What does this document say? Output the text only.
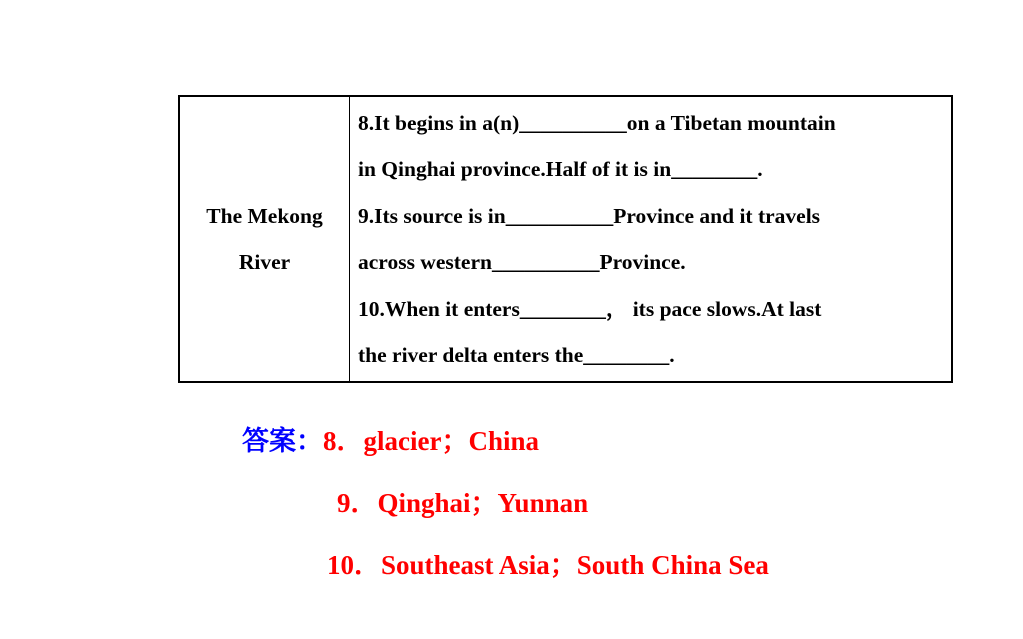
The Mekong
River

8.It begins in a(n)__________on a Tibetan mountain
in Qinghai province.Half of it is in________.
9.Its source is in__________Province and it travels
across western__________Province.
10.When it enters________， its pace slows.At last
the river delta enters the________.
答案：8．glacier；China
9．Qinghai；Yunnan
10．Southeast Asia；South China Sea
